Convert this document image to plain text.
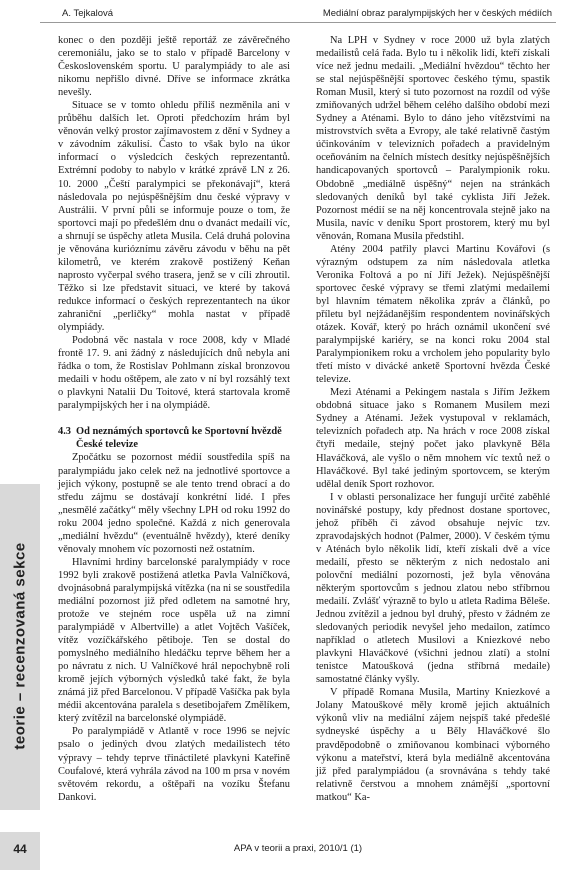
A. Tejkalová	Mediální obraz paralympijských her v českých médiích
teorie – recenzovaná sekce
44

konec o den později ještě reportáž ze závěrečného ceremoniálu, jako se to stalo v případě Barcelony v Československém sportu. U paralympiády to ale asi nikomu nepřišlo divné. Dříve se informace zkrátka nevešly.

Situace se v tomto ohledu příliš nezměnila ani v průběhu dalších let. Oproti předchozím hrám byl věnován velký prostor zajímavostem z dění v Sydney a v závodním zákulisí. Často to však bylo na úkor informací o výsledcích českých reprezentantů. Extrémní podoby to nabylo v krátké zprávě LN z 26. 10. 2000 „Čeští paralympici se překonávají“, která následovala po nejúspěšnějším dnu české výpravy v Austrálii. V první půli se informuje pouze o tom, že sportovci mají po předešlém dnu o dvanáct medailí víc, a shrnují se úspěchy atleta Musila. Celá druhá polovina je věnována kurióznímu závěru závodu v běhu na pět kilometrů, ve kterém zrakově postižený Keňan naprosto vyčerpal svého trasera, jenž se v cíli zhroutil. Těžko si lze představit situaci, ve které by taková redukce informací o českých reprezentantech na úkor zahraniční „perličky“ mohla nastat v případě olympiády.

Podobná věc nastala v roce 2008, kdy v Mladé frontě 17. 9. ani žádný z následujících dnů nebyla ani řádka o tom, že Rostislav Pohlmann získal bronzovou medaili v hodu oštěpem, ale zato v ní byl rozsáhlý text o plavkyni Natalii Du Toitové, která startovala kromě paralympijských her i na olympiádě.

4.3 Od neznámých sportovců ke Sportovní hvězdě České televize

Zpočátku se pozornost médií soustředila spíš na paralympiádu jako celek než na jednotlivé sportovce a jejich výkony, postupně se ale tento trend obrací a do středu zájmu se dostávají konkrétní lidé. I přes „nesmělé začátky“ měly všechny LPH od roku 1992 do roku 2004 jedno společné. Každá z nich generovala „mediální hvězdu“ (eventuálně hvězdy), které deníky věnovaly mnohem víc pozornosti než ostatním.

Hlavními hrdiny barcelonské paralympiády v roce 1992 byli zrakově postižená atletka Pavla Valníčková, dvojnásobná paralympijská vítězka (na ni se soustředila mediální pozornost již před odletem na samotné hry, protože ve stejném roce uspěla už na zimní paralympiádě v Albertville) a atlet Vojtěch Vašíček, vítěz vozíčkářského pětiboje. Ten se dostal do pomyslného mediálního hledáčku teprve během her a po návratu z nich. U Valníčkové hrál nepochybně roli kromě jejích výborných výsledků také fakt, že byla známá již před Barcelonou. V případě Vašíčka pak byla médii akcentována paralela s desetibojařem Změlíkem, který zvítězil na barcelonské olympiádě.

Po paralympiádě v Atlantě v roce 1996 se nejvíc psalo o jediných dvou zlatých medailistech této výpravy – tehdy teprve třináctileté plavkyni Kateřině Coufalové, která vyhrála závod na 100 m prsa v novém světovém rekordu, a oštěpaři na vozíku Štefanu Dankovi.

Na LPH v Sydney v roce 2000 už byla zlatých medailistů celá řada. Bylo tu i několik lidí, kteří získali více než jednu medaili. „Mediální hvězdou“ těchto her se stal nejúspěšnější sportovec českého týmu, spastik Roman Musil, který si tuto pozornost na rozdíl od výše zmiňovaných udržel během celého dalšího období mezi Sydney a Aténami. Bylo to dáno jeho vítězstvími na mistrovstvích světa a Evropy, ale také relativně častým účinkováním v televizních pořadech a pravidelným oceňováním na čelních místech desítky nejúspěšnějších handicapovaných sportovců – Paralympionik roku. Obdobně „mediálně úspěšný“ nejen na stránkách sledovaných deníků byl také cyklista Jiří Ježek. Pozornost médií se na něj koncentrovala stejně jako na Musila, navíc v deníku Sport prostorem, který mu byl věnován, Romana Musila předstihl.

Atény 2004 patřily plavci Martinu Kovářovi (s výrazným odstupem za ním následovala atletka Veronika Foltová a po ní Jiří Ježek). Nejúspěšnější sportovec české výpravy se třemi zlatými medailemi byl hlavním tématem několika zpráv a článků, po příletu byl nejžádanějším respondentem novinářských otázek. Kovář, který po hrách oznámil ukončení své paralympijské kariéry, se na konci roku 2004 stal Paralympionikem roku a vrcholem jeho popularity bylo třetí místo v divácké anketě Sportovní hvězda České televize.

Mezi Aténami a Pekingem nastala s Jiřím Ježkem obdobná situace jako s Romanem Musilem mezi Sydney a Aténami. Ježek vystupoval v reklamách, televizních pořadech atp. Na hrách v roce 2008 získal čtyři medaile, stejný počet jako plavkyně Běla Hlaváčková, ale vyšlo o něm mnohem víc textů než o Hlaváčkové. Byl také jediným sportovcem, se kterým udělal deník Sport rozhovor.

I v oblasti personalizace her fungují určité zaběhlé novinářské postupy, kdy přednost dostane sportovec, jehož příběh či závod obsahuje nejvíc tzv. zpravodajských hodnot (Palmer, 2000). V českém týmu v Aténách bylo několik lidí, kteří získali dvě a více medailí, přesto se některým z nich nedostalo ani polovční mediální pozornosti, jež byla věnována některým sportovcům s jednou zlatou nebo stříbrnou medailí. Zvlášť výrazně to bylo u atleta Radima Běleše. Jednou zvítězil a jednou byl druhý, přesto v žádném ze sledovaných periodik nevyšel jeho medailon, zatímco například o atletech Musilovi a Kniezkové nebo plavkyni Hlaváčkové (všichni jednou zlatí) a stolní tenistce Matoušková (jedna stříbrná medaile) samostatné články vyšly.

V případě Romana Musila, Martiny Kniezkové a Jolany Matouškové měly kromě jejich aktuálních výkonů vliv na mediální zájem nejspíš také předešlé sydneyské úspěchy a u Běly Hlaváčkové šlo pravděpodobně o zmiňovanou kombinaci výborného výkonu a mateřství, která byla mediálně akcentována již před paralympiádou (a srovnávána s tehdy také relativně čerstvou a mnohem známější „sportovní matkou“ Ka-

APA v teorii a praxi, 2010/1 (1)
